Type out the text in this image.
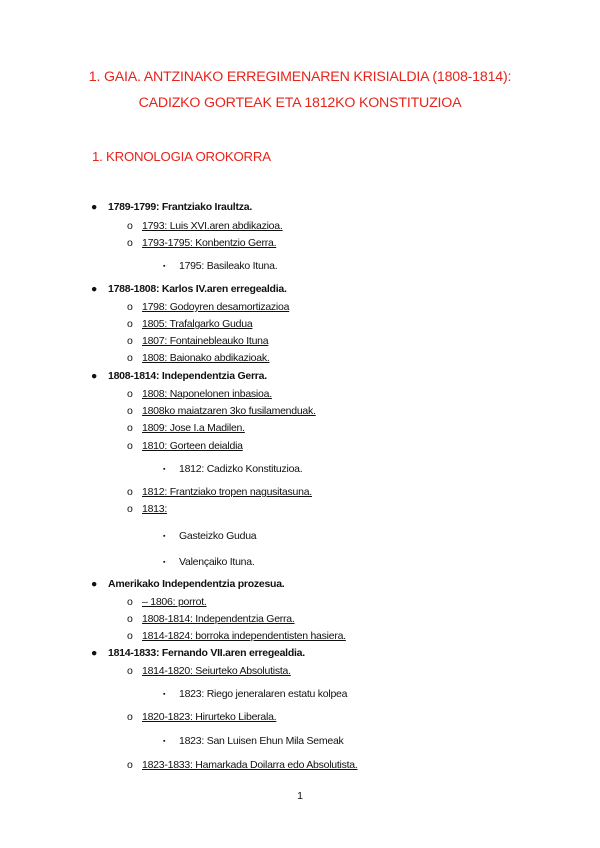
1. GAIA. ANTZINAKO ERREGIMENAREN KRISIALDIA (1808-1814):
CADIZKO GORTEAK ETA 1812KO KONSTITUZIOA
1. KRONOLOGIA OROKORRA
● 1789-1799: Frantziako Iraultza.
o 1793: Luis XVI.aren abdikazioa.
o 1793-1795: Konbentzio Gerra.
▪ 1795: Basileako Ituna.
● 1788-1808: Karlos IV.aren erregealdia.
o 1798: Godoyren desamortizazioa
o 1805: Trafalgarko Gudua
o 1807: Fontainebleauko Ituna
o 1808: Baionako abdikazioak.
● 1808-1814: Independentzia Gerra.
o 1808: Naponelonen inbasioa.
o 1808ko maiatzaren 3ko fusilamenduak.
o 1809: Jose I.a Madilen.
o 1810: Gorteen deialdia
▪ 1812: Cadizko Konstituzioa.
o 1812: Frantziako tropen nagusitasuna.
o 1813:
▪ Gasteizko Gudua
▪ Valençaiko Ituna.
● Amerikako Independentzia prozesua.
o – 1806: porrot.
o 1808-1814: Independentzia Gerra.
o 1814-1824: borroka independentisten hasiera.
● 1814-1833: Fernando VII.aren erregealdia.
o 1814-1820: Seiurteko Absolutista.
▪ 1823: Riego jeneralaren estatu kolpea
o 1820-1823: Hirurteko Liberala.
▪ 1823: San Luisen Ehun Mila Semeak
o 1823-1833: Hamarkada Doilarra edo Absolutista.
1
